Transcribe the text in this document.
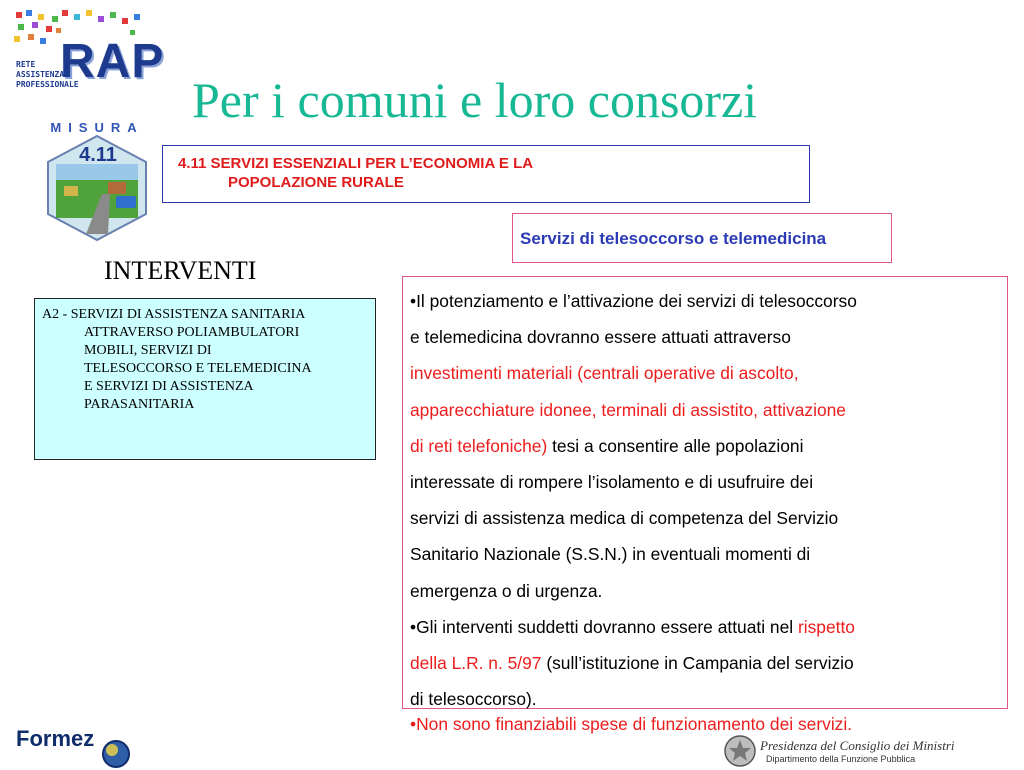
RAP
RETE
ASSISTENZA
PROFESSIONALE
MISURA
4.11
Per i comuni e loro consorzi
4.11 SERVIZI ESSENZIALI PER L’ECONOMIA E LA
POPOLAZIONE RURALE
Servizi di telesoccorso e telemedicina
INTERVENTI
A2 - SERVIZI DI ASSISTENZA SANITARIA
ATTRAVERSO POLIAMBULATORI
MOBILI, SERVIZI DI
TELESOCCORSO E TELEMEDICINA
E SERVIZI DI ASSISTENZA
PARASANITARIA
•Il potenziamento e l’attivazione dei servizi di telesoccorso
e telemedicina dovranno essere attuati attraverso
investimenti materiali (centrali operative di ascolto,
apparecchiature idonee, terminali di assistito, attivazione
di reti telefoniche) tesi a consentire alle popolazioni
interessate di rompere l’isolamento e di usufruire dei
servizi di assistenza medica di competenza del Servizio
Sanitario Nazionale (S.S.N.) in eventuali momenti di
emergenza o di urgenza.
•Gli interventi suddetti dovranno essere attuati nel rispetto
della L.R. n. 5/97 (sull’istituzione in Campania del servizio
di telesoccorso).
•Non sono finanziabili spese di funzionamento dei servizi.
Formez	Presidenza del Consiglio dei Ministri
Dipartimento della Funzione Pubblica
